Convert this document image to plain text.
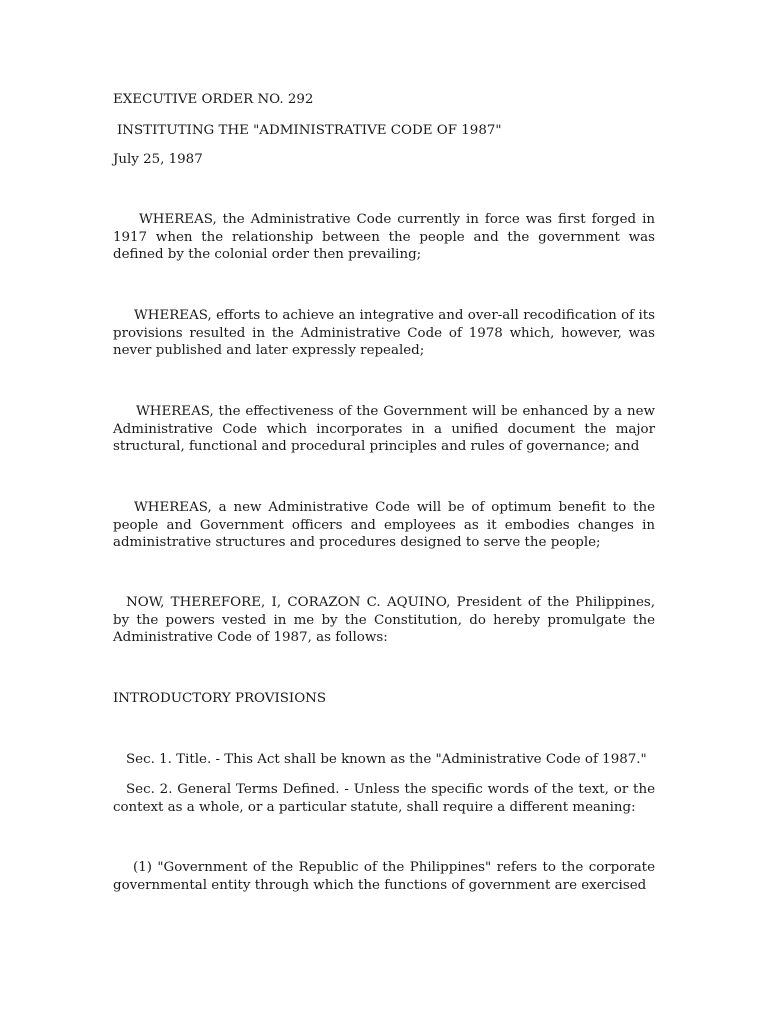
EXECUTIVE ORDER NO. 292
INSTITUTING THE "ADMINISTRATIVE CODE OF 1987"
July 25, 1987

WHEREAS, the Administrative Code currently in force was first forged in 1917 when the relationship between the people and the government was defined by the colonial order then prevailing;

WHEREAS, efforts to achieve an integrative and over-all recodification of its provisions resulted in the Administrative Code of 1978 which, however, was never published and later expressly repealed;

WHEREAS, the effectiveness of the Government will be enhanced by a new Administrative Code which incorporates in a unified document the major structural, functional and procedural principles and rules of governance; and

WHEREAS, a new Administrative Code will be of optimum benefit to the people and Government officers and employees as it embodies changes in administrative structures and procedures designed to serve the people;

NOW, THEREFORE, I, CORAZON C. AQUINO, President of the Philippines, by the powers vested in me by the Constitution, do hereby promulgate the Administrative Code of 1987, as follows:

INTRODUCTORY PROVISIONS

Sec. 1. Title. - This Act shall be known as the "Administrative Code of 1987."

Sec. 2. General Terms Defined. - Unless the specific words of the text, or the context as a whole, or a particular statute, shall require a different meaning:

(1) "Government of the Republic of the Philippines" refers to the corporate governmental entity through which the functions of government are exercised
